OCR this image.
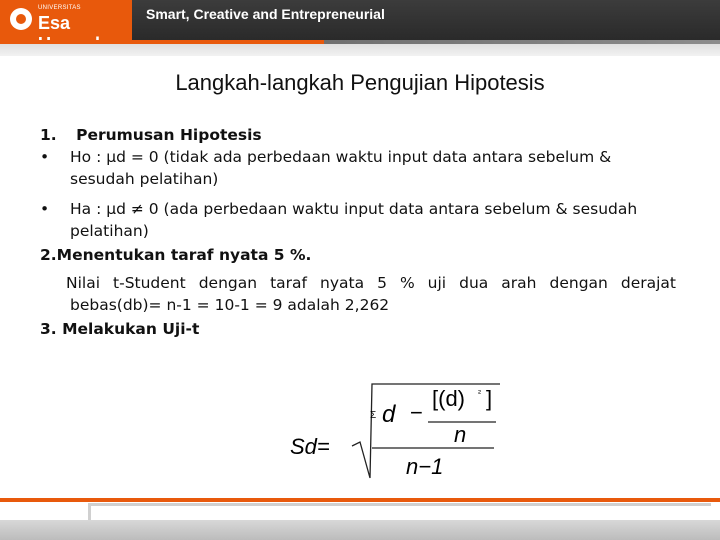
UNIVERSITAS
Esa	Smart, Creative and Entrepreneurial
Langkah-langkah Pengujian Hipotesis
1. Perumusan Hipotesis
• Ho : μd = 0 (tidak ada perbedaan waktu input data antara sebelum &
sesudah pelatihan)
• Ha : μd ≠ 0 (ada perbedaan waktu input data antara sebelum & sesudah
pelatihan)
2.Menentukan taraf nyata 5 %.
Nilai t-Student dengan taraf nyata 5 % uji dua arah dengan derajat
bebas(db)= n-1 = 10-1 = 9 adalah 2,262
3. Melakukan Uji-t
Sd=
Σ d −
[(d) ² ]
n
n−1
